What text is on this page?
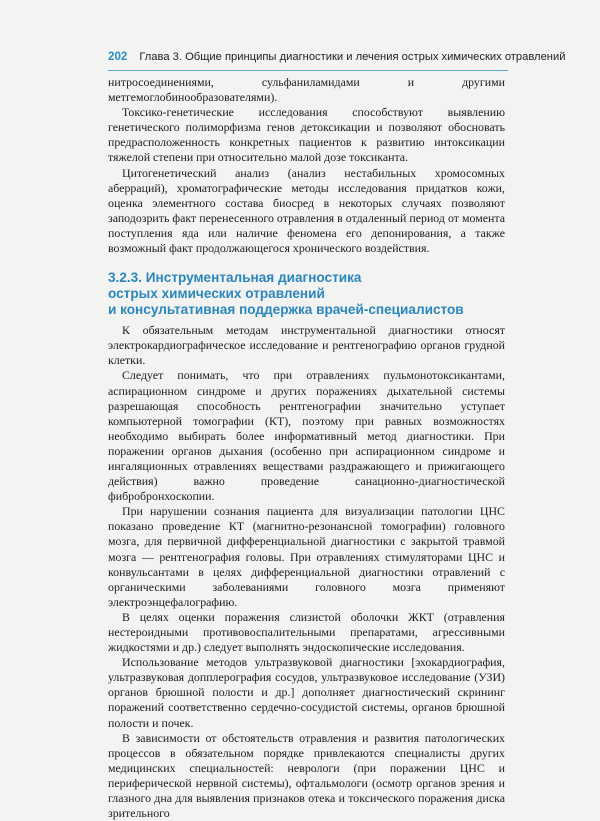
202 Глава 3. Общие принципы диагностики и лечения острых химических отравлений

нитросоединениями, сульфаниламидами и другими метгемоглобинообразователями).

Токсико-генетические исследования способствуют выявлению генетического полиморфизма генов детоксикации и позволяют обосновать предрасположенность конкретных пациентов к развитию интоксикации тяжелой степени при относительно малой дозе токсиканта.

Цитогенетический анализ (анализ нестабильных хромосомных аберраций), хроматографические методы исследования придатков кожи, оценка элементного состава биосред в некоторых случаях позволяют заподозрить факт перенесенного отравления в отдаленный период от момента поступления яда или наличие феномена его депонирования, а также возможный факт продолжающегося хронического воздействия.

3.2.3. Инструментальная диагностика
острых химических отравлений
и консультативная поддержка врачей-специалистов

К обязательным методам инструментальной диагностики относят электрокардиографическое исследование и рентгенографию органов грудной клетки.

Следует понимать, что при отравлениях пульмонотоксикантами, аспирационном синдроме и других поражениях дыхательной системы разрешающая способность рентгенографии значительно уступает компьютерной томографии (КТ), поэтому при равных возможностях необходимо выбирать более информативный метод диагностики. При поражении органов дыхания (особенно при аспирационном синдроме и ингаляционных отравлениях веществами раздражающего и прижигающего действия) важно проведение санационно-диагностической фибробронхоскопии.

При нарушении сознания пациента для визуализации патологии ЦНС показано проведение КТ (магнитно-резонансной томографии) головного мозга, для первичной дифференциальной диагностики с закрытой травмой мозга — рентгенография головы. При отравлениях стимуляторами ЦНС и конвульсантами в целях дифференциальной диагностики отравлений с органическими заболеваниями головного мозга применяют электроэнцефалографию.

В целях оценки поражения слизистой оболочки ЖКТ (отравления нестероидными противовоспалительными препаратами, агрессивными жидкостями и др.) следует выполнять эндоскопические исследования.

Использование методов ультразвуковой диагностики [эхокардиография, ультразвуковая допплерография сосудов, ультразвуковое исследование (УЗИ) органов брюшной полости и др.] дополняет диагностический скрининг поражений соответственно сердечно-сосудистой системы, органов брюшной полости и почек.

В зависимости от обстоятельств отравления и развития патологических процессов в обязательном порядке привлекаются специалисты других медицинских специальностей: неврологи (при поражении ЦНС и периферической нервной системы), офтальмологи (осмотр органов зрения и глазного дна для выявления признаков отека и токсического поражения диска зрительного
